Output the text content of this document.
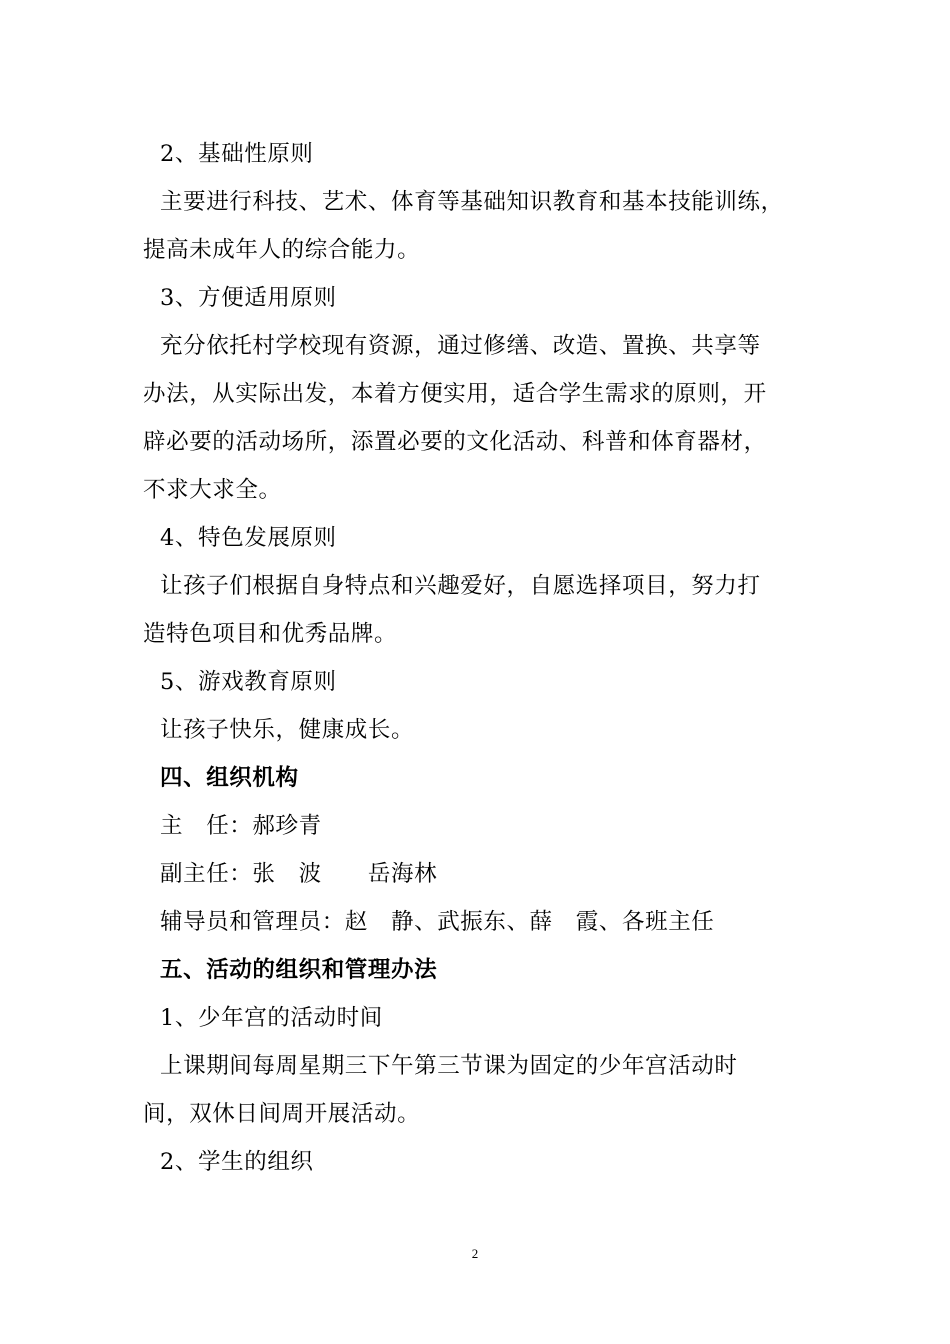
2、基础性原则
主要进行科技、艺术、体育等基础知识教育和基本技能训练，
提高未成年人的综合能力。
3、方便适用原则
充分依托村学校现有资源，通过修缮、改造、置换、共享等
办法，从实际出发，本着方便实用，适合学生需求的原则，开
辟必要的活动场所，添置必要的文化活动、科普和体育器材，
不求大求全。
4、特色发展原则
让孩子们根据自身特点和兴趣爱好，自愿选择项目，努力打
造特色项目和优秀品牌。
5、游戏教育原则
让孩子快乐，健康成长。
四、组织机构
主　任：郝珍青
副主任：张　波　　岳海林
辅导员和管理员：赵　静、武振东、薛　霞、各班主任
五、活动的组织和管理办法
1、少年宫的活动时间
上课期间每周星期三下午第三节课为固定的少年宫活动时
间，双休日间周开展活动。
2、学生的组织
2
